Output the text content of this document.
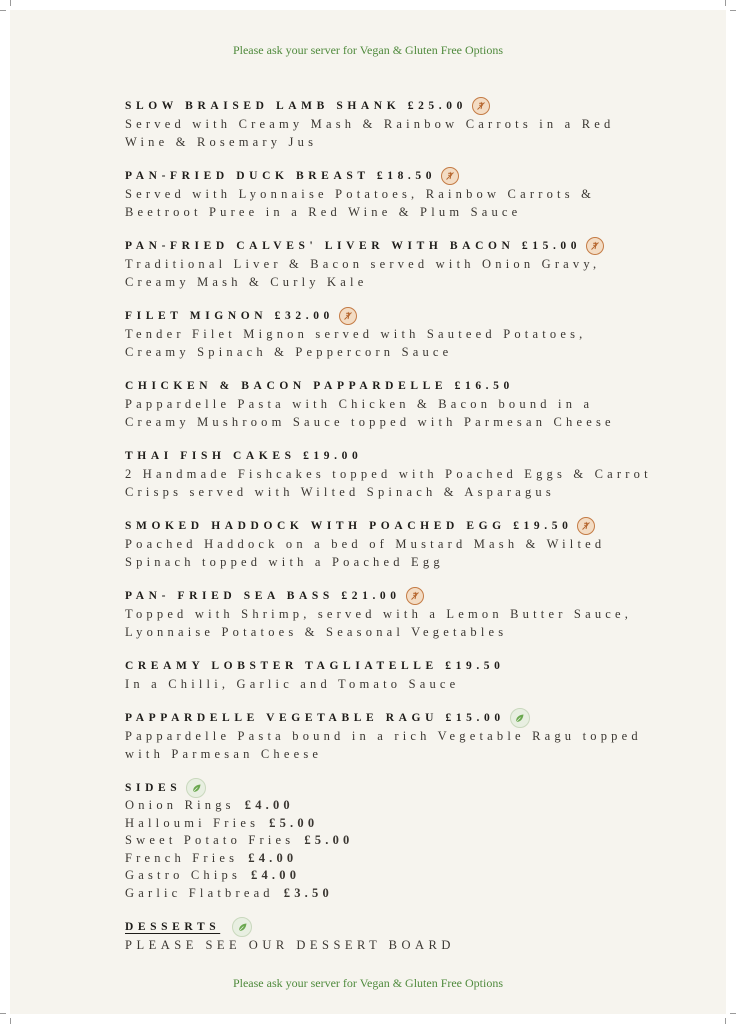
Please ask your server for Vegan & Gluten Free Options
SLOW BRAISED LAMB SHANK £25.00
Served with Creamy Mash & Rainbow Carrots in a Red
Wine & Rosemary Jus
PAN-FRIED DUCK BREAST £18.50
Served with Lyonnaise Potatoes, Rainbow Carrots &
Beetroot Puree in a Red Wine & Plum Sauce
PAN-FRIED CALVES' LIVER WITH BACON £15.00
Traditional Liver & Bacon served with Onion Gravy,
Creamy Mash & Curly Kale
FILET MIGNON £32.00
Tender Filet Mignon served with Sauteed Potatoes,
Creamy Spinach & Peppercorn Sauce
CHICKEN & BACON PAPPARDELLE £16.50
Pappardelle Pasta with Chicken & Bacon bound in a
Creamy Mushroom Sauce topped with Parmesan Cheese
THAI FISH CAKES £19.00
2 Handmade Fishcakes topped with Poached Eggs & Carrot
Crisps served with Wilted Spinach & Asparagus
SMOKED HADDOCK WITH POACHED EGG £19.50
Poached Haddock on a bed of Mustard Mash & Wilted
Spinach topped with a Poached Egg
PAN- FRIED SEA BASS £21.00
Topped with Shrimp, served with a Lemon Butter Sauce,
Lyonnaise Potatoes & Seasonal Vegetables
CREAMY LOBSTER TAGLIATELLE £19.50
In a Chilli, Garlic and Tomato Sauce
PAPPARDELLE VEGETABLE RAGU £15.00
Pappardelle Pasta bound in a rich Vegetable Ragu topped
with Parmesan Cheese
SIDES
Onion Rings £4.00
Halloumi Fries £5.00
Sweet Potato Fries £5.00
French Fries £4.00
Gastro Chips £4.00
Garlic Flatbread £3.50
DESSERTS
PLEASE SEE OUR DESSERT BOARD
Please ask your server for Vegan & Gluten Free Options
